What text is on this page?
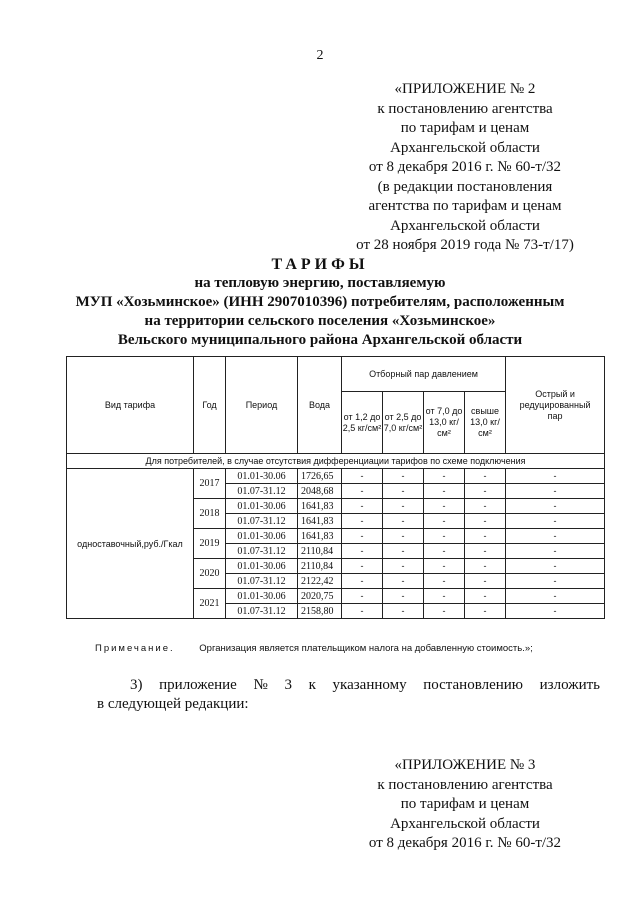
2
«ПРИЛОЖЕНИЕ № 2
к постановлению агентства
по тарифам и ценам
Архангельской области
от 8 декабря 2016 г. № 60-т/32
(в редакции постановления
агентства по тарифам и ценам
Архангельской области
от 28 ноября 2019 года № 73-т/17)
ТАРИФЫ
на тепловую энергию, поставляемую
МУП «Хозьминское» (ИНН 2907010396) потребителям, расположенным
на территории сельского поселения «Хозьминское»
Вельского муниципального района Архангельской области
Вид тарифа	Год	Период	Вода	Отборный пар давлением				Острый и редуцированный пар
				от 1,2 до 2,5 кг/см²	от 2,5 до 7,0 кг/см²	от 7,0 до 13,0 кг/см²	свыше 13,0 кг/см²	
Для потребителей, в случае отсутствия дифференциации тарифов по схеме подключения								
одноставочный,руб./Гкал	2017	01.01-30.06	1726,65	-	-	-	-	-
		01.07-31.12	2048,68	-	-	-	-	-
	2018	01.01-30.06	1641,83	-	-	-	-	-
		01.07-31.12	1641,83	-	-	-	-	-
	2019	01.01-30.06	1641,83	-	-	-	-	-
		01.07-31.12	2110,84	-	-	-	-	-
	2020	01.01-30.06	2110,84	-	-	-	-	-
		01.07-31.12	2122,42	-	-	-	-	-
	2021	01.01-30.06	2020,75	-	-	-	-	-
		01.07-31.12	2158,80	-	-	-	-	-
Примечание.	Организация является плательщиком налога на добавленную стоимость.»;
3) приложение № 3 к указанному постановлению изложить
в следующей редакции:
«ПРИЛОЖЕНИЕ № 3
к постановлению агентства
по тарифам и ценам
Архангельской области
от 8 декабря 2016 г. № 60-т/32
